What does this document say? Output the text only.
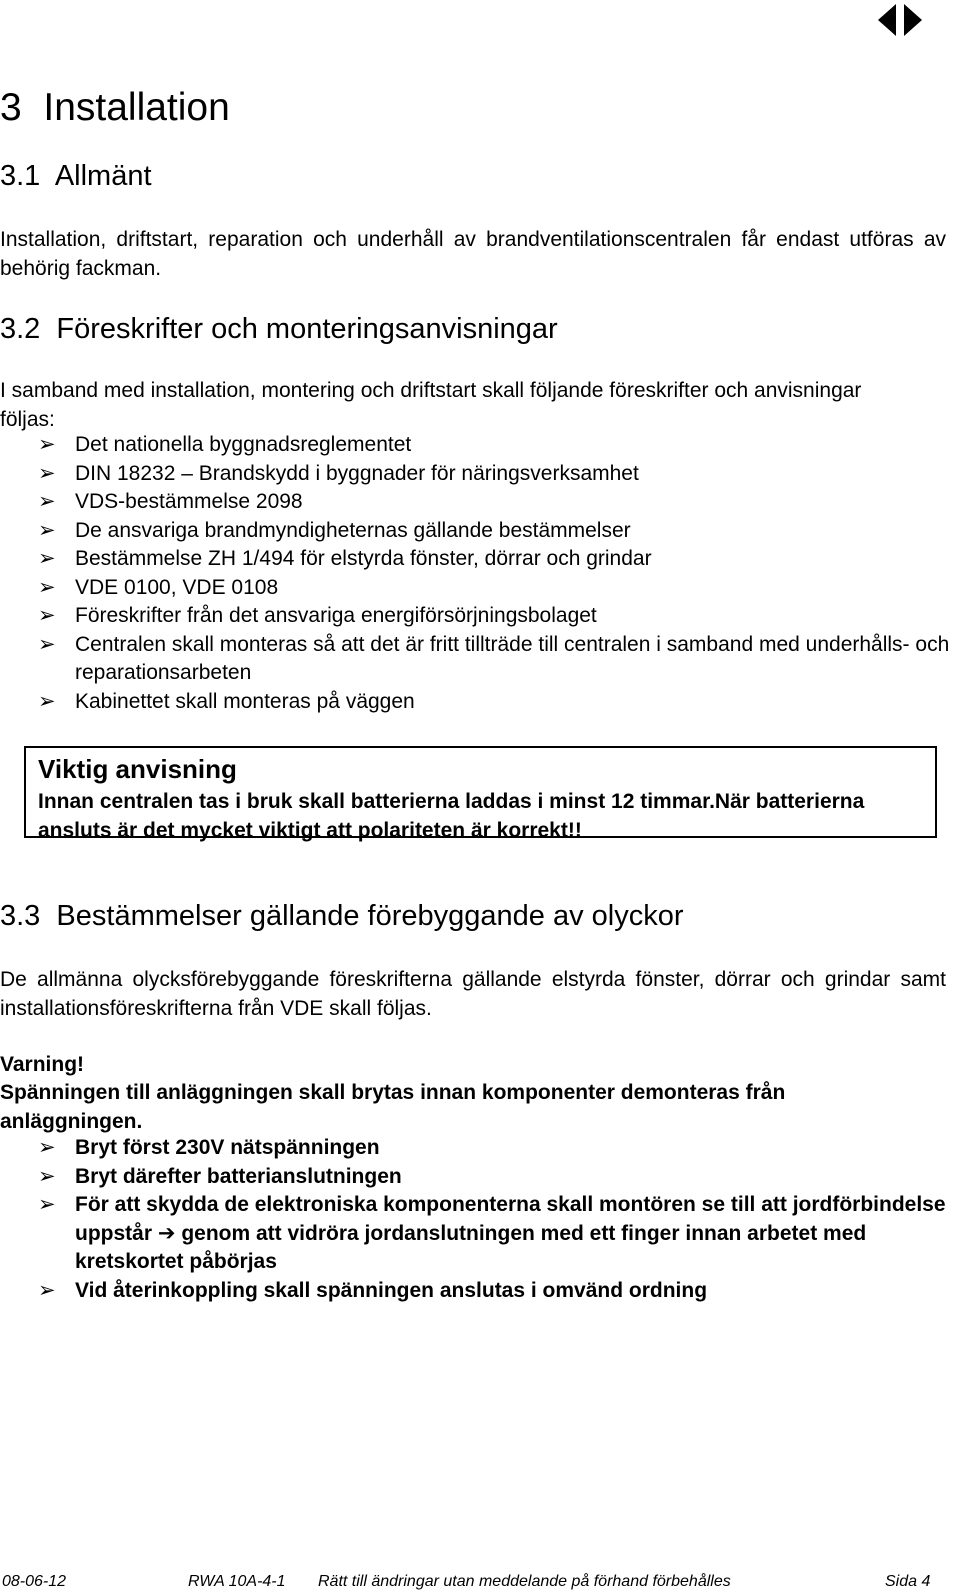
3  Installation
3.1  Allmänt

Installation, driftstart, reparation och underhåll av brandventilationscentralen får endast utföras av behörig fackman.

3.2  Föreskrifter och monteringsanvisningar

I samband med installation, montering och driftstart skall följande föreskrifter och anvisningar följas:

➢ Det nationella byggnadsreglementet
➢ DIN 18232 – Brandskydd i byggnader för näringsverksamhet
➢ VDS-bestämmelse 2098
➢ De ansvariga brandmyndigheternas gällande bestämmelser
➢ Bestämmelse ZH 1/494 för elstyrda fönster, dörrar och grindar
➢ VDE 0100, VDE 0108
➢ Föreskrifter från det ansvariga energiförsörjningsbolaget
➢ Centralen skall monteras så att det är fritt tillträde till centralen i samband med underhålls- och reparationsarbeten
➢ Kabinettet skall monteras på väggen
Viktig anvisning
Innan centralen tas i bruk skall batterierna laddas i minst 12 timmar.När batterierna ansluts är det mycket viktigt att polariteten är korrekt!!
3.3  Bestämmelser gällande förebyggande av olyckor

De allmänna olycksförebyggande föreskrifterna gällande elstyrda fönster, dörrar och grindar samt installationsföreskrifterna från VDE skall följas.

Varning!

Spänningen till anläggningen skall brytas innan komponenter demonteras från anläggningen.

➢ Bryt först 230V nätspänningen
➢ Bryt därefter batterianslutningen
➢ För att skydda de elektroniska komponenterna skall montören se till att jordförbindelse uppstår ➔ genom att vidröra jordanslutningen med ett finger innan arbetet med kretskortet påbörjas
➢ Vid återinkoppling skall spänningen anslutas i omvänd ordning
08-06-12	RWA 10A-4-1 Rätt till ändringar utan meddelande på förhand förbehålles	Sida 4
